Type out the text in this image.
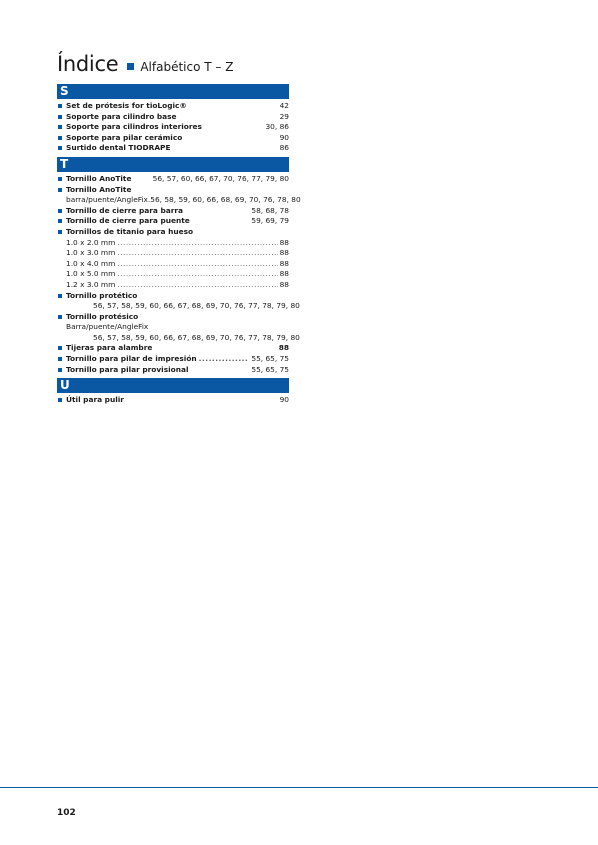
Índice Alfabético T – Z
S
Set de prótesis for tioLogic®	42
Soporte para cilindro base	29
Soporte para cilindros interiores	30, 86
Soporte para pilar cerámico	90
Surtido dental TIODRAPE	86
T
Tornillo AnoTite	56, 57, 60, 66, 67, 70, 76, 77, 79, 80
Tornillo AnoTite
barra/puente/AngleFix. 56, 58, 59, 60, 66, 68, 69, 70, 76, 78, 80
Tornillo de cierre para barra	58, 68, 78
Tornillo de cierre para puente	59, 69, 79
Tornillos de titanio para hueso
1.0 x 2.0 mm .....	88
1.0 x 3.0 mm .....	88
1.0 x 4.0 mm .....	88
1.0 x 5.0 mm .....	88
1.2 x 3.0 mm .....	88
Tornillo protético
56, 57, 58, 59, 60, 66, 67, 68, 69, 70, 76, 77, 78, 79, 80
Tornillo protésico
Barra/puente/AngleFix
56, 57, 58, 59, 60, 66, 67, 68, 69, 70, 76, 77, 78, 79, 80
Tijeras para alambre	88
Tornillo para pilar de impresión .....	55, 65, 75
Tornillo para pilar provisional	55, 65, 75
U
Útil para pulir	90
102
